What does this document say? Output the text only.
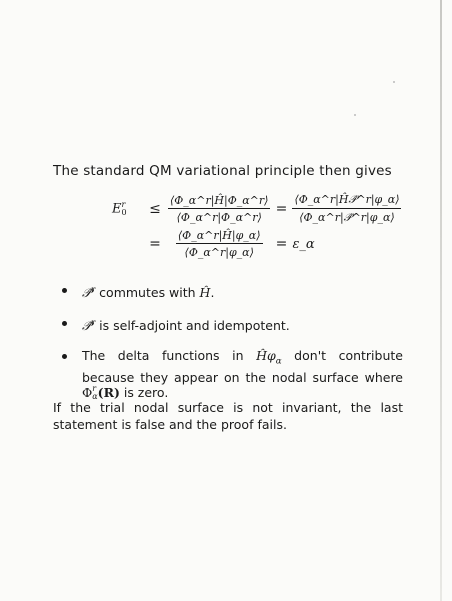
The standard QM variational principle then gives
E r
0	≤ $\frac{⟨\Phi\_\alpha\^{}r|Ĥ|\Phi\_\alpha\^{}r⟩}{⟨\Phi\_\alpha\^{}r|\Phi\_\alpha\^{}r⟩} = \frac{\text{⟨Φ\_α\textasciicircum{}r|Ĥ𝒫̂\textasciicircum{}r|φ\_α⟩}}{\text{⟨Φ\_α\textasciicircum{}r|𝒫̂\textasciicircum{}r|φ\_α⟩}}$
= $\frac{⟨\Phi\_\alpha\^{}r|Ĥ|\varphi\_\alpha⟩}{⟨\Phi\_\alpha\^{}r|\varphi\_\alpha⟩}$ = ε_α
𝒫̂$^r$ commutes with Ĥ.
𝒫̂$^r$ is self-adjoint and idempotent.
The delta functions in $Ĥ\varphi_\alpha$ don't contribute because they appear on the nodal surface where Φ r
α (R) is zero.
If the trial nodal surface is not invariant, the last statement is false and the proof fails.
